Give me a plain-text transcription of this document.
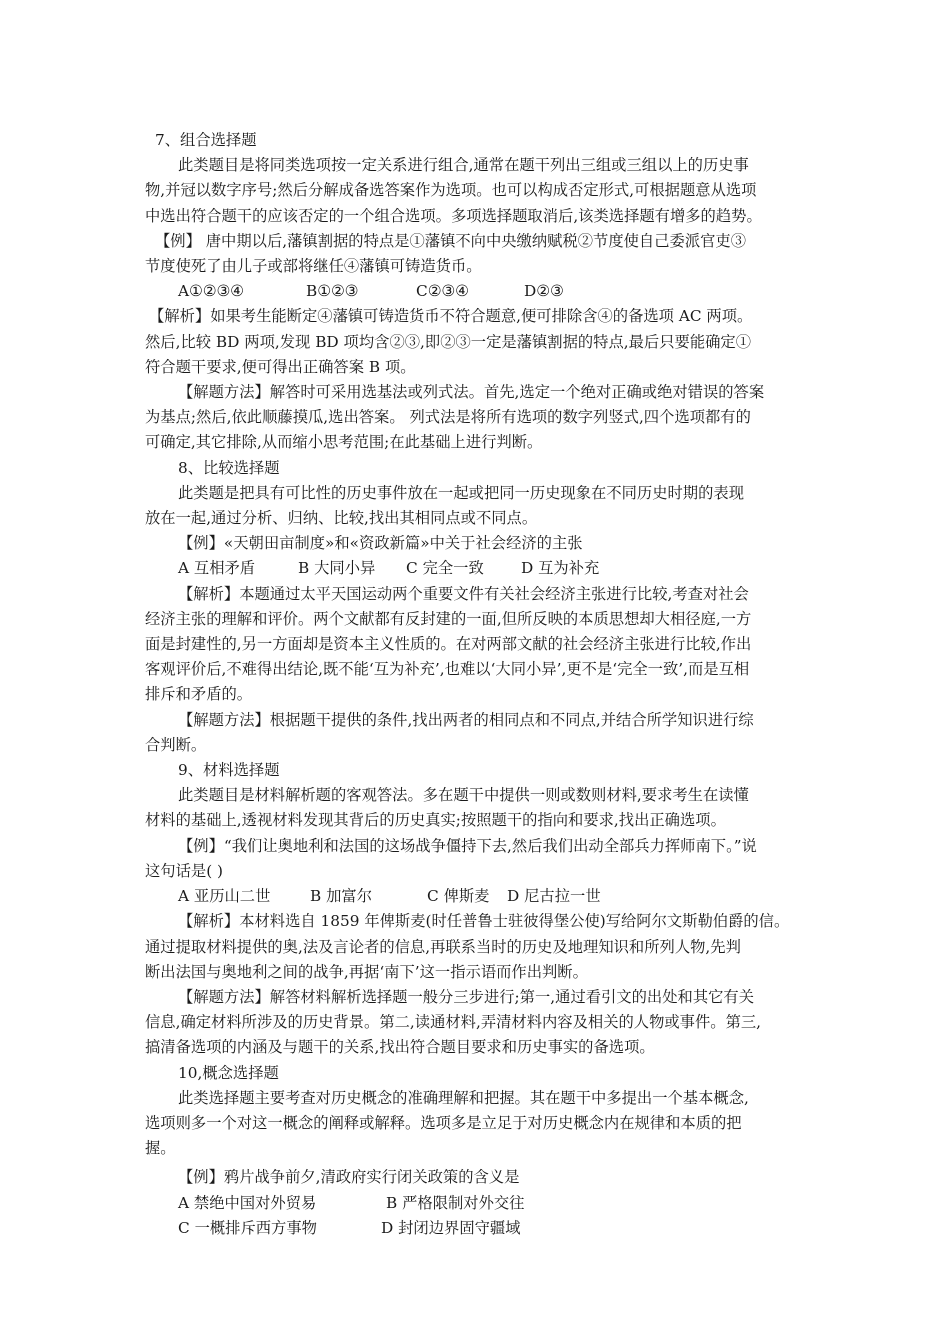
7、组合选择题
此类题目是将同类选项按一定关系进行组合,通常在题干列出三组或三组以上的历史事
物,并冠以数字序号;然后分解成备选答案作为选项。也可以构成否定形式,可根据题意从选项
中选出符合题干的应该否定的一个组合选项。多项选择题取消后,该类选择题有增多的趋势。
【例】 唐中期以后,藩镇割据的特点是①藩镇不向中央缴纳赋税②节度使自己委派官吏③
节度使死了由儿子或部将继任④藩镇可铸造货币。
A①②③④	B①②③	C②③④	D②③
【解析】如果考生能断定④藩镇可铸造货币不符合题意,便可排除含④的备选项 AC 两项。
然后,比较 BD 两项,发现 BD 项均含②③,即②③一定是藩镇割据的特点,最后只要能确定①
符合题干要求,便可得出正确答案 B 项。
【解题方法】解答时可采用选基法或列式法。首先,选定一个绝对正确或绝对错误的答案
为基点;然后,依此顺藤摸瓜,选出答案。 列式法是将所有选项的数字列竖式,四个选项都有的
可确定,其它排除,从而缩小思考范围;在此基础上进行判断。
8、比较选择题
此类题是把具有可比性的历史事件放在一起或把同一历史现象在不同历史时期的表现
放在一起,通过分析、归纳、比较,找出其相同点或不同点。
【例】«天朝田亩制度»和«资政新篇»中关于社会经济的主张
A 互相矛盾	B 大同小异 C 完全一致 D 互为补充
【解析】本题通过太平天国运动两个重要文件有关社会经济主张进行比较,考查对社会
经济主张的理解和评价。两个文献都有反封建的一面,但所反映的本质思想却大相径庭,一方
面是封建性的,另一方面却是资本主义性质的。在对两部文献的社会经济主张进行比较,作出
客观评价后,不难得出结论,既不能‘互为补充’,也难以‘大同小异’,更不是‘完全一致’,而是互相
排斥和矛盾的。
【解题方法】根据题干提供的条件,找出两者的相同点和不同点,并结合所学知识进行综
合判断。
9、材料选择题
此类题目是材料解析题的客观答法。多在题干中提供一则或数则材料,要求考生在读懂
材料的基础上,透视材料发现其背后的历史真实;按照题干的指向和要求,找出正确选项。
【例】“我们让奥地利和法国的这场战争僵持下去,然后我们出动全部兵力挥师南下。”说
这句话是( )
A 亚历山二世	B 加富尔	C 俾斯麦 D 尼古拉一世
【解析】本材料选自 1859 年俾斯麦(时任普鲁士驻彼得堡公使)写给阿尔文斯勒伯爵的信。
通过提取材料提供的奥,法及言论者的信息,再联系当时的历史及地理知识和所列人物,先判
断出法国与奥地利之间的战争,再据‘南下’这一指示语而作出判断。
【解题方法】解答材料解析选择题一般分三步进行;第一,通过看引文的出处和其它有关
信息,确定材料所涉及的历史背景。第二,读通材料,弄清材料内容及相关的人物或事件。第三,
搞清备选项的内涵及与题干的关系,找出符合题目要求和历史事实的备选项。
10,概念选择题
此类选择题主要考查对历史概念的准确理解和把握。其在题干中多提出一个基本概念,
选项则多一个对这一概念的阐释或解释。选项多是立足于对历史概念内在规律和本质的把
握。
【例】鸦片战争前夕,清政府实行闭关政策的含义是
A 禁绝中国对外贸易	B 严格限制对外交往
C 一概排斥西方事物	D 封闭边界固守疆域
